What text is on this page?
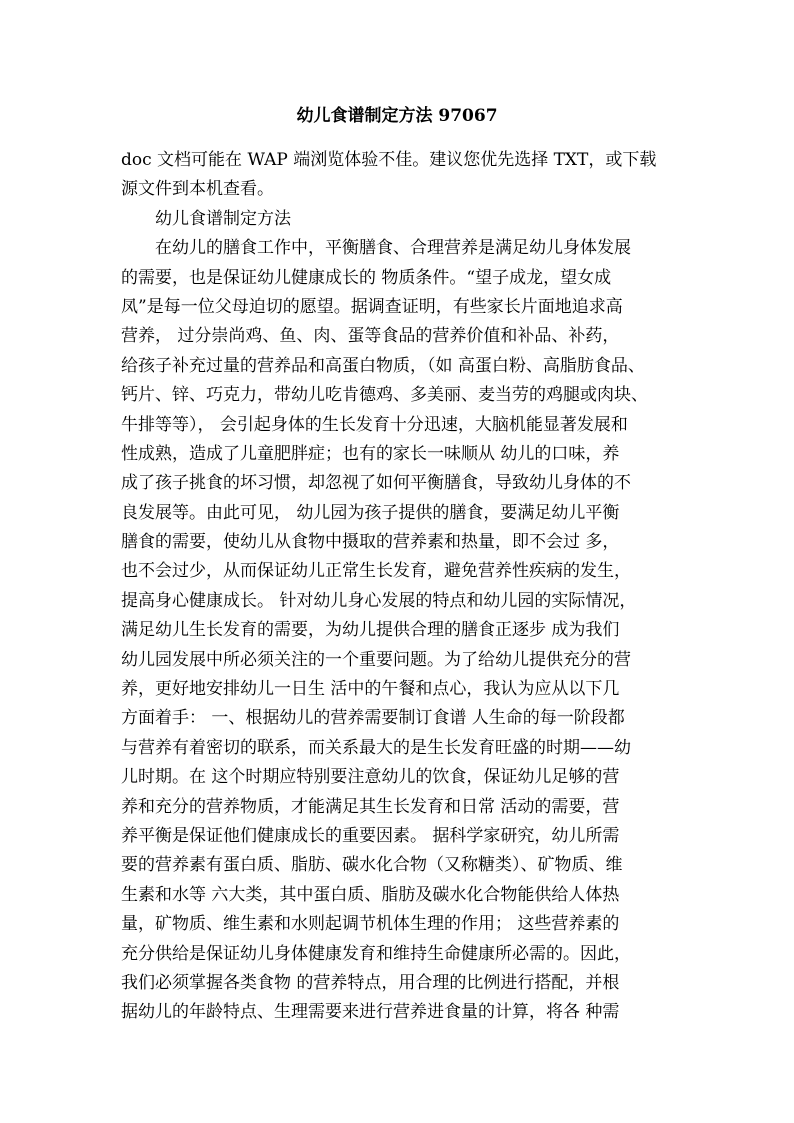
幼儿食谱制定方法 97067
doc 文档可能在 WAP 端浏览体验不佳。建议您优先选择 TXT，或下载
源文件到本机查看。
幼儿食谱制定方法
在幼儿的膳食工作中，平衡膳食、合理营养是满足幼儿身体发展
的需要，也是保证幼儿健康成长的 物质条件。“望子成龙，望女成
凤”是每一位父母迫切的愿望。据调查证明，有些家长片面地追求高
营养， 过分崇尚鸡、鱼、肉、蛋等食品的营养价值和补品、补药，
给孩子补充过量的营养品和高蛋白物质，（如 高蛋白粉、高脂肪食品、
钙片、锌、巧克力，带幼儿吃肯德鸡、多美丽、麦当劳的鸡腿或肉块、
牛排等等）， 会引起身体的生长发育十分迅速，大脑机能显著发展和
性成熟，造成了儿童肥胖症；也有的家长一味顺从 幼儿的口味，养
成了孩子挑食的坏习惯，却忽视了如何平衡膳食，导致幼儿身体的不
良发展等。由此可见， 幼儿园为孩子提供的膳食，要满足幼儿平衡
膳食的需要，使幼儿从食物中摄取的营养素和热量，即不会过 多，
也不会过少，从而保证幼儿正常生长发育，避免营养性疾病的发生，
提高身心健康成长。 针对幼儿身心发展的特点和幼儿园的实际情况，
满足幼儿生长发育的需要，为幼儿提供合理的膳食正逐步 成为我们
幼儿园发展中所必须关注的一个重要问题。为了给幼儿提供充分的营
养，更好地安排幼儿一日生 活中的午餐和点心，我认为应从以下几
方面着手： 一、根据幼儿的营养需要制订食谱 人生命的每一阶段都
与营养有着密切的联系，而关系最大的是生长发育旺盛的时期——幼
儿时期。在 这个时期应特别要注意幼儿的饮食，保证幼儿足够的营
养和充分的营养物质，才能满足其生长发育和日常 活动的需要，营
养平衡是保证他们健康成长的重要因素。 据科学家研究，幼儿所需
要的营养素有蛋白质、脂肪、碳水化合物（又称糖类）、矿物质、维
生素和水等 六大类，其中蛋白质、脂肪及碳水化合物能供给人体热
量，矿物质、维生素和水则起调节机体生理的作用； 这些营养素的
充分供给是保证幼儿身体健康发育和维持生命健康所必需的。因此，
我们必须掌握各类食物 的营养特点，用合理的比例进行搭配，并根
据幼儿的年龄特点、生理需要来进行营养进食量的计算，将各 种需
